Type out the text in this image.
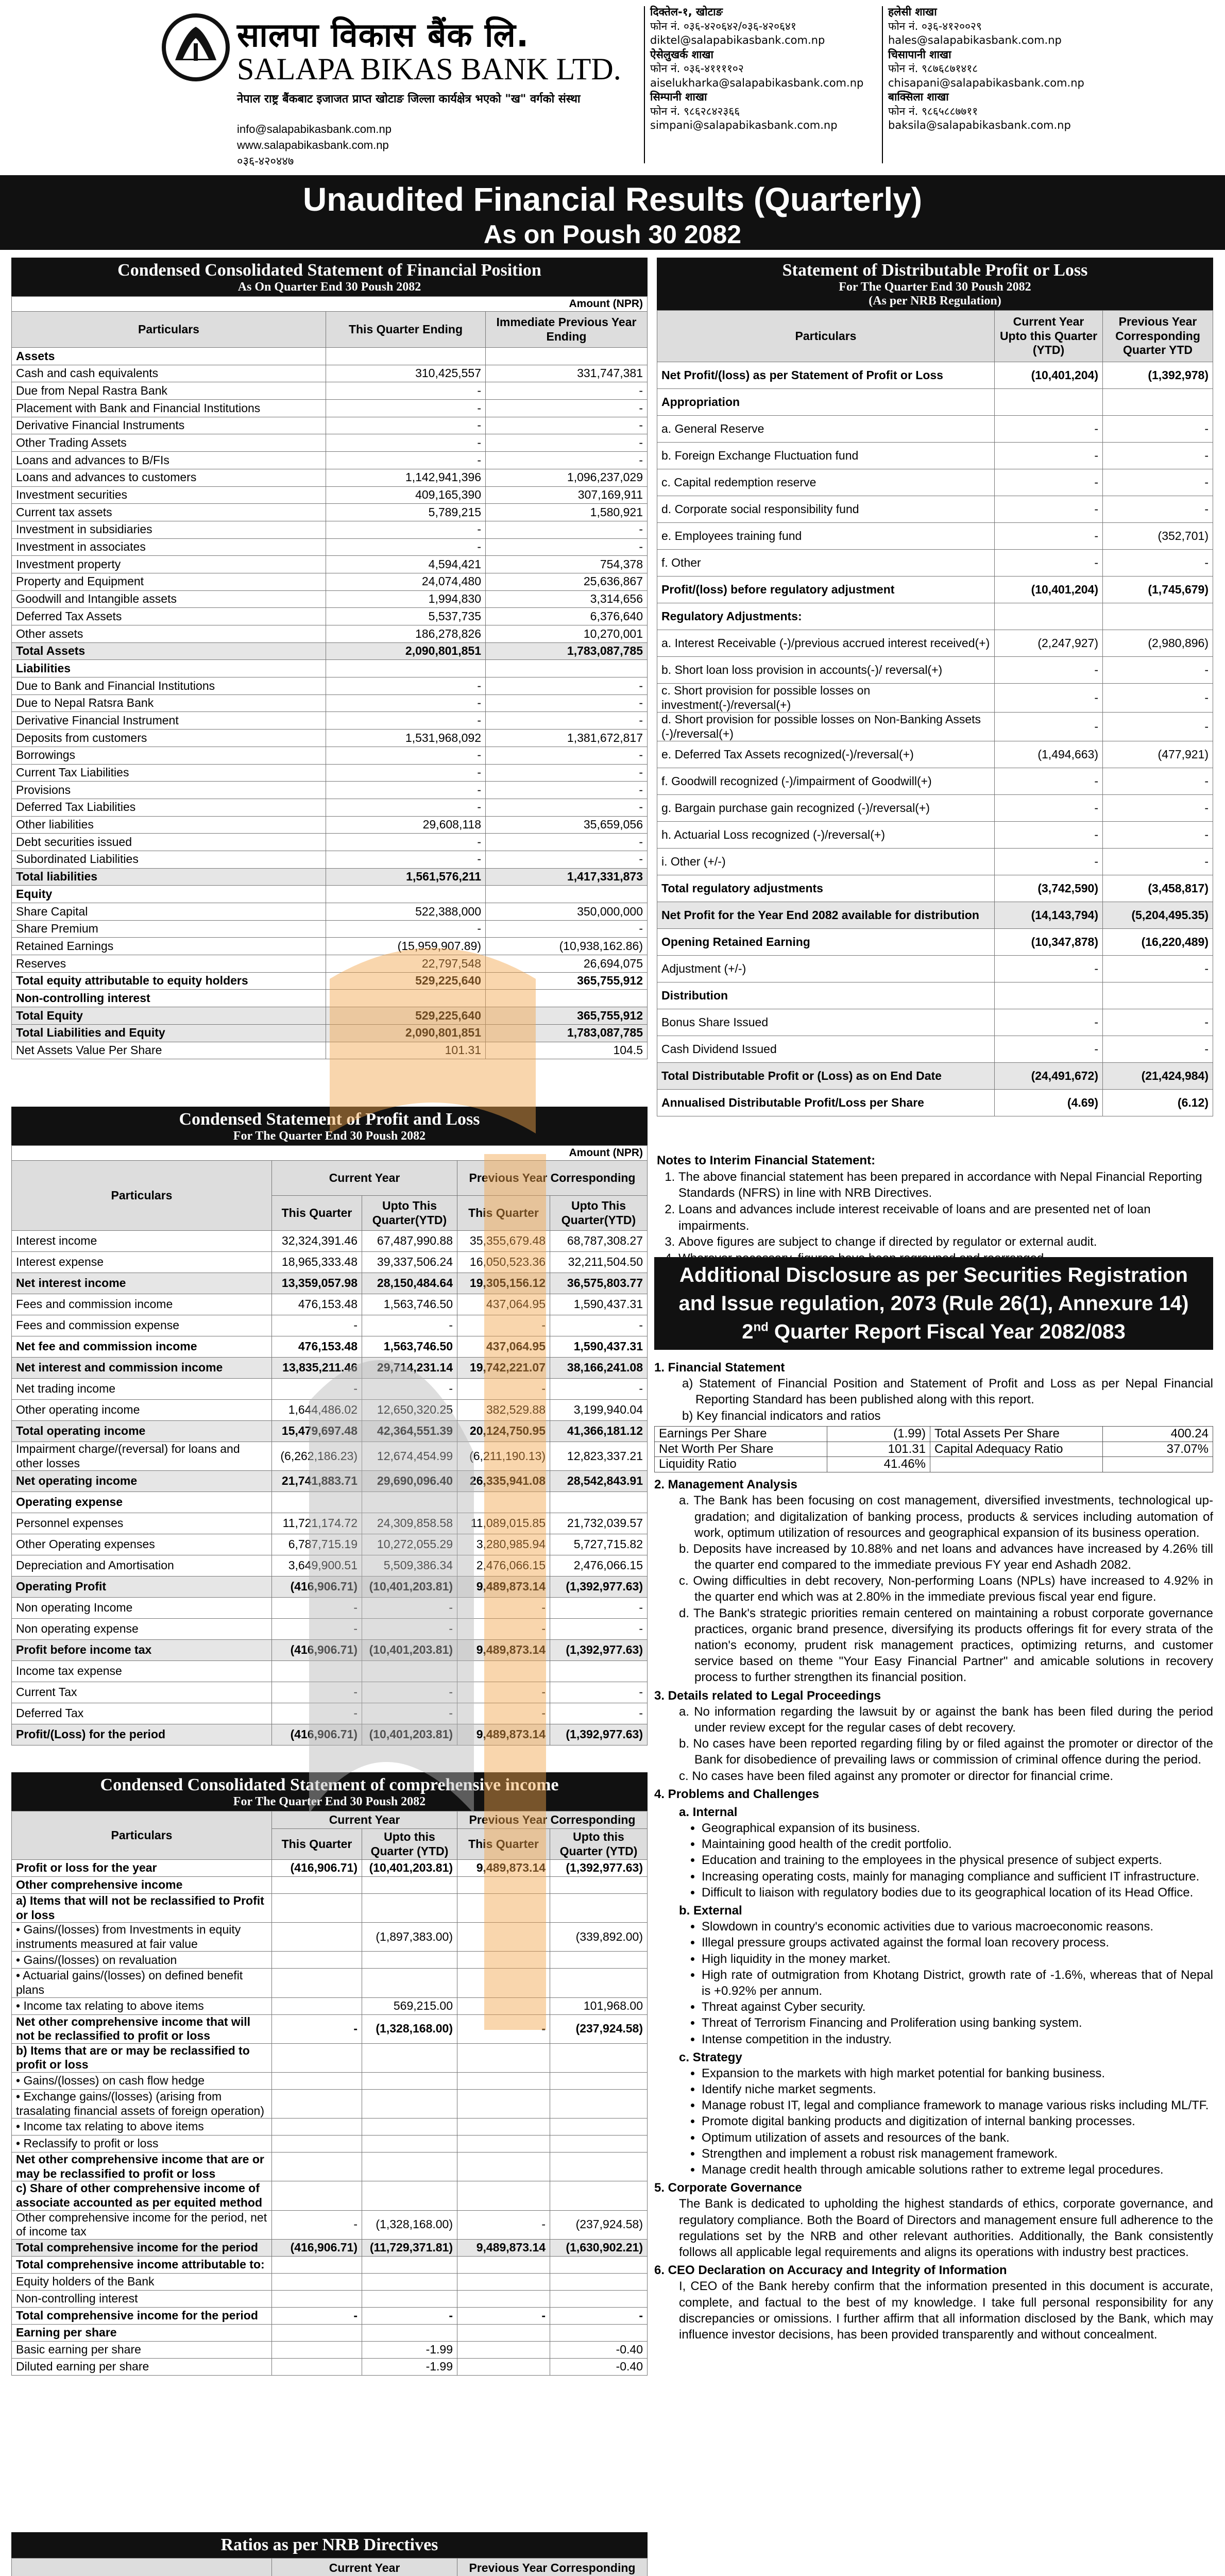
सालपा विकास बैंक लि.
SALAPA BIKAS BANK LTD.
नेपाल राष्ट्र बैंकबाट इजाजत प्राप्त खोटाङ जिल्ला कार्यक्षेत्र भएको "ख" वर्गको संस्था
info@salapabikasbank.com.np
www.salapabikasbank.com.np
०३६-४२०४४७
दिक्तेल-१, खोटाङ
फोन नं. ०३६-४२०६४२/०३६-४२०६४१
diktel@salapabikasbank.com.np
ऐसेलुखर्क शाखा
फोन नं. ०३६-४११११०२
aiselukharka@salapabikasbank.com.np
सिम्पानी शाखा
फोन नं. ९८६२८४२३६६
simpani@salapabikasbank.com.np
हलेसी शाखा
फोन नं. ०३६-४१२००२९
hales@salapabikasbank.com.np
चिसापानी शाखा
फोन नं. ९८७६८७१४१८
chisapani@salapabikasbank.com.np
बाक्सिला शाखा
फोन नं. ९८६५८८७७११
baksila@salapabikasbank.com.np
Unaudited Financial Results (Quarterly)
As on Poush 30 2082
Condensed Consolidated Statement of Financial Position
As On Quarter End 30 Poush 2082
Amount (NPR)
Particulars	This Quarter Ending	Immediate Previous Year Ending
Assets		
Cash and cash equivalents	310,425,557	331,747,381
Due from Nepal Rastra Bank	-	-
Placement with Bank and Financial Institutions	-	-
Derivative Financial Instruments	-	-
Other Trading Assets	-	-
Loans and advances to B/FIs	-	-
Loans and advances to customers	1,142,941,396	1,096,237,029
Investment securities	409,165,390	307,169,911
Current tax assets	5,789,215	1,580,921
Investment in subsidiaries	-	-
Investment in associates	-	-
Investment property	4,594,421	754,378
Property and Equipment	24,074,480	25,636,867
Goodwill and Intangible assets	1,994,830	3,314,656
Deferred Tax Assets	5,537,735	6,376,640
Other assets	186,278,826	10,270,001
Total Assets	2,090,801,851	1,783,087,785
Liabilities		
Due to Bank and Financial Institutions	-	-
Due to Nepal Ratsra Bank	-	-
Derivative Financial Instrument	-	-
Deposits from customers	1,531,968,092	1,381,672,817
Borrowings	-	-
Current Tax Liabilities	-	-
Provisions	-	-
Deferred Tax Liabilities	-	-
Other liabilities	29,608,118	35,659,056
Debt securities issued	-	-
Subordinated Liabilities	-	-
Total liabilities	1,561,576,211	1,417,331,873
Equity		
Share Capital	522,388,000	350,000,000
Share Premium	-	-
Retained Earnings	(15,959,907.89)	(10,938,162.86)
Reserves	22,797,548	26,694,075
Total equity attributable to equity holders	529,225,640	365,755,912
Non-controlling interest		
Total Equity	529,225,640	365,755,912
Total Liabilities and Equity	2,090,801,851	1,783,087,785
Net Assets Value Per Share	101.31	104.5
Condensed Statement of Profit and Loss
For The Quarter End 30 Poush 2082
Amount (NPR)
Particulars	Current Year		Previous Year Corresponding	
	This Quarter	Upto This Quarter(YTD)	This Quarter	Upto This Quarter(YTD)
Interest income	32,324,391.46	67,487,990.88	35,355,679.48	68,787,308.27
Interest expense	18,965,333.48	39,337,506.24	16,050,523.36	32,211,504.50
Net interest income	13,359,057.98	28,150,484.64	19,305,156.12	36,575,803.77
Fees and commission income	476,153.48	1,563,746.50	437,064.95	1,590,437.31
Fees and commission expense	-	-	-	-
Net fee and commission income	476,153.48	1,563,746.50	437,064.95	1,590,437.31
Net interest and commission income	13,835,211.46	29,714,231.14	19,742,221.07	38,166,241.08
Net trading income	-	-	-	-
Other operating income	1,644,486.02	12,650,320.25	382,529.88	3,199,940.04
Total operating income	15,479,697.48	42,364,551.39	20,124,750.95	41,366,181.12
Impairment charge/(reversal) for loans and other losses	(6,262,186.23)	12,674,454.99	(6,211,190.13)	12,823,337.21
Net operating income	21,741,883.71	29,690,096.40	26,335,941.08	28,542,843.91
Operating expense				
Personnel expenses	11,721,174.72	24,309,858.58	11,089,015.85	21,732,039.57
Other Operating expenses	6,787,715.19	10,272,055.29	3,280,985.94	5,727,715.82
Depreciation and Amortisation	3,649,900.51	5,509,386.34	2,476,066.15	2,476,066.15
Operating Profit	(416,906.71)	(10,401,203.81)	9,489,873.14	(1,392,977.63)
Non operating Income	-	-	-	-
Non operating expense	-	-	-	-
Profit before income tax	(416,906.71)	(10,401,203.81)	9,489,873.14	(1,392,977.63)
Income tax expense				
Current Tax	-	-	-	-
Deferred Tax	-	-	-	-
Profit/(Loss) for the period	(416,906.71)	(10,401,203.81)	9,489,873.14	(1,392,977.63)
Condensed Consolidated Statement of comprehensive income
For The Quarter End 30 Poush 2082
Particulars	Current Year		Previous Year Corresponding	
	This Quarter	Upto this Quarter (YTD)	This Quarter	Upto this Quarter (YTD)
Profit or loss for the year	(416,906.71)	(10,401,203.81)	9,489,873.14	(1,392,977.63)
Other comprehensive income				
a) Items that will not be reclassified to Profit or loss				
• Gains/(losses) from Investments in equity instruments measured at fair value		(1,897,383.00)		(339,892.00)
• Gains/(losses) on revaluation				
• Actuarial gains/(losses) on defined benefit plans				
• Income tax relating to above items		569,215.00		101,968.00
Net other comprehensive income that will not be reclassified to profit or loss	-	(1,328,168.00)	-	(237,924.58)
b) Items that are or may be reclassified to profit or loss				
• Gains/(losses) on cash flow hedge				
• Exchange gains/(losses) (arising from trasalating financial assets of foreign operation)				
• Income tax relating to above items				
• Reclassify to profit or loss				
Net other comprehensive income that are or may be reclassified to profit or loss				
c) Share of other comprehensive income of associate accounted as per equited method				
Other comprehensive income for the period, net of income tax	-	(1,328,168.00)	-	(237,924.58)
Total comprehensive income for the period	(416,906.71)	(11,729,371.81)	9,489,873.14	(1,630,902.21)
Total comprehensive income attributable to:				
Equity holders of the Bank				
Non-controlling interest				
Total comprehensive income for the period	-	-	-	-
Earning per share				
Basic earning per share		-1.99		-0.40
Diluted earning per share		-1.99		-0.40
Ratios as per NRB Directives
	Current Year		Previous Year Corresponding	

Statement of Distributable Profit or Loss
For The Quarter End 30 Poush 2082
(As per NRB Regulation)
Particulars	Current Year Upto this Quarter (YTD)	Previous Year Corresponding Quarter YTD
Net Profit/(loss) as per Statement of Profit or Loss	(10,401,204)	(1,392,978)
Appropriation		
a. General Reserve	-	-
b. Foreign Exchange Fluctuation fund	-	-
c. Capital redemption reserve	-	-
d. Corporate social responsibility fund	-	-
e. Employees training fund	-	(352,701)
f. Other	-	-
Profit/(loss) before regulatory adjustment	(10,401,204)	(1,745,679)
Regulatory Adjustments:		
a. Interest Receivable (-)/previous accrued interest received(+)	(2,247,927)	(2,980,896)
b. Short loan loss provision in accounts(-)/ reversal(+)	-	-
c. Short provision for possible losses on investment(-)/reversal(+)	-	-
d. Short provision for possible losses on Non-Banking Assets (-)/reversal(+)	-	-
e. Deferred Tax Assets recognized(-)/reversal(+)	(1,494,663)	(477,921)
f. Goodwill recognized (-)/impairment of Goodwill(+)	-	-
g. Bargain purchase gain recognized (-)/reversal(+)	-	-
h. Actuarial Loss recognized (-)/reversal(+)	-	-
i. Other (+/-)	-	-
Total regulatory adjustments	(3,742,590)	(3,458,817)
Net Profit for the Year End 2082 available for distribution	(14,143,794)	(5,204,495.35)
Opening Retained Earning	(10,347,878)	(16,220,489)
Adjustment (+/-)	-	-
Distribution		
Bonus Share Issued	-	-
Cash Dividend Issued	-	-
Total Distributable Profit or (Loss) as on End Date	(24,491,672)	(21,424,984)
Annualised Distributable Profit/Loss per Share	(4.69)	(6.12)
Notes to Interim Financial Statement:
1. The above financial statement has been prepared in accordance with Nepal Financial Reporting Standards (NFRS) in line with NRB Directives.
2. Loans and advances include interest receivable of loans and are presented net of loan impairments.
3. Above figures are subject to change if directed by regulator or external audit.
4.
Additional Disclosure as per Securities Registration
and Issue regulation, 2073 (Rule 26(1), Annexure 14)
2nd Quarter Report Fiscal Year 2082/083
1. Financial Statement
a) Statement of Financial Position and Statement of Profit and Loss as per Nepal Financial Reporting Standard has been published along with this report.
b) Key financial indicators and ratios
Earnings Per Share	(1.99)	Total Assets Per Share	400.24
Net Worth Per Share	101.31	Capital Adequacy Ratio	37.07%
Liquidity Ratio	41.46%		
2. Management Analysis
a. The Bank has been focusing on cost management, diversified investments, technological up-gradation; and digitalization of banking process, products & services including automation of work, optimum utilization of resources and geographical expansion of its business operation.
b. Deposits have increased by 10.88% and net loans and advances have increased by 4.26% till the quarter end compared to the immediate previous FY year end Ashadh 2082.
c. Owing difficulties in debt recovery, Non-performing Loans (NPLs) have increased to 4.92% in the quarter end which was at 2.80% in the immediate previous fiscal year end figure.
d. The Bank's strategic priorities remain centered on maintaining a robust corporate governance practices, organic brand presence, diversifying its products offerings fit for every strata of the nation's economy, prudent risk management practices, optimizing returns, and customer service based on theme "Your Easy Financial Partner" and amicable solutions in recovery process to further strengthen its financial position.
3. Details related to Legal Proceedings
a. No information regarding the lawsuit by or against the bank has been filed during the period under review except for the regular cases of debt recovery.
b. No cases have been reported regarding filing by or filed against the promoter or director of the Bank for disobedience of prevailing laws or commission of criminal offence during the period.
c. No cases have been filed against any promoter or director for financial crime.
4. Problems and Challenges
a. Internal
• Geographical expansion of its business.
• Maintaining good health of the credit portfolio.
• Education and training to the employees in the physical presence of subject experts.
• Increasing operating costs, mainly for managing compliance and sufficient IT infrastructure.
• Difficult to liaison with regulatory bodies due to its geographical location of its Head Office.
b. External
• Slowdown in country's economic activities due to various macroeconomic reasons.
• Illegal pressure groups activated against the formal loan recovery process.
• High liquidity in the money market.
• High rate of outmigration from Khotang District, growth rate of -1.6%, whereas that of Nepal is +0.92% per annum.
• Threat against Cyber security.
• Threat of Terrorism Financing and Proliferation using banking system.
• Intense competition in the industry.
c. Strategy
• Expansion to the markets with high market potential for banking business.
• Identify niche market segments.
• Manage robust IT, legal and compliance framework to manage various risks including ML/TF.
• Promote digital banking products and digitization of internal banking processes.
• Optimum utilization of assets and resources of the bank.
• Strengthen and implement a robust risk management framework.
• Manage credit health through amicable solutions rather to extreme legal procedures.
5. Corporate Governance
The Bank is dedicated to upholding the highest standards of ethics, corporate governance, and regulatory compliance. Both the Board of Directors and management ensure full adherence to the regulations set by the NRB and other relevant authorities. Additionally, the Bank consistently follows all applicable legal requirements and aligns its operations with industry best practices.
6. CEO Declaration on Accuracy and Integrity of Information
I, CEO of the Bank hereby confirm that the information presented in this document is accurate, complete, and factual to the best of my knowledge. I take full personal responsibility for any discrepancies or omissions. I further affirm that all information disclosed by the Bank, which may influence investor decisions, has been provided transparently and without concealment.
